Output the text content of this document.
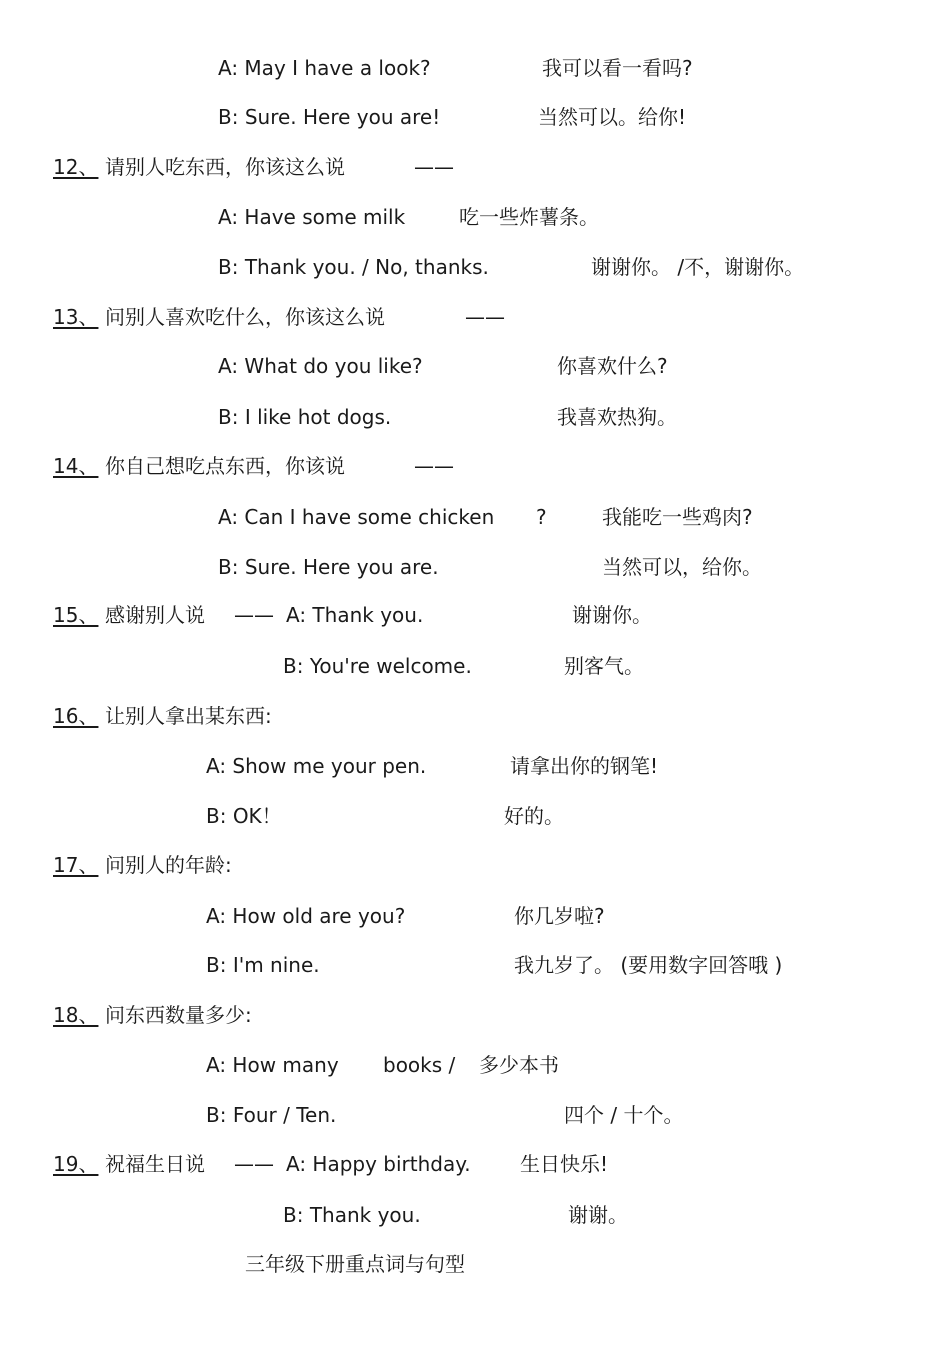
A: May I have a look?	我可以看一看吗?
B: Sure. Here you are!	当然可以。给你!
12、 请别人吃东西，你该这么说	——
A: Have some milk	吃一些炸薯条。
B: Thank you. / No, thanks.	谢谢你。 /不，谢谢你。
13、 问别人喜欢吃什么，你该这么说	——
A: What do you like?	你喜欢什么?
B: I like hot dogs.	我喜欢热狗。
14、 你自己想吃点东西，你该说	——
A: Can I have some chicken ?	我能吃一些鸡肉?
B: Sure. Here you are.	当然可以，给你。
15、 感谢别人说 —— A: Thank you.	谢谢你。
B: You're welcome.	别客气。
16、 让别人拿出某东西:
A: Show me your pen.	请拿出你的钢笔!
B: OK！	好的。
17、 问别人的年龄:
A: How old are you?	你几岁啦?
B: I'm nine.	我九岁了。 (要用数字回答哦 )
18、 问东西数量多少:
A: How many books / 多少本书
B: Four / Ten.	四个 / 十个。
19、 祝福生日说 —— A: Happy birthday. 生日快乐!
B: Thank you.	谢谢。
三年级下册重点词与句型
